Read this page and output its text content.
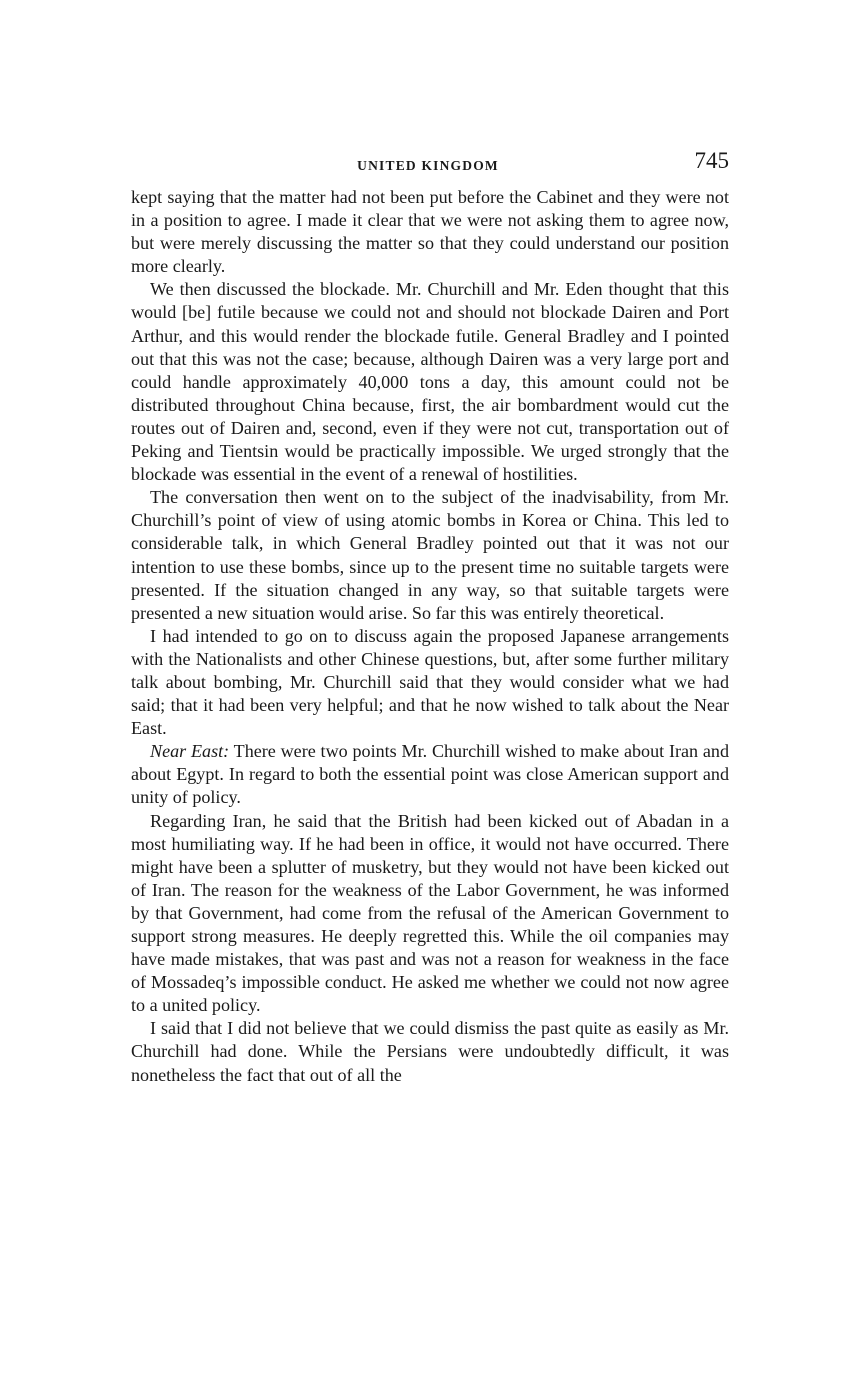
UNITED KINGDOM	745

kept saying that the matter had not been put before the Cabinet and they were not in a position to agree. I made it clear that we were not asking them to agree now, but were merely discussing the matter so that they could understand our position more clearly.

We then discussed the blockade. Mr. Churchill and Mr. Eden thought that this would [be] futile because we could not and should not blockade Dairen and Port Arthur, and this would render the blockade futile. General Bradley and I pointed out that this was not the case; because, although Dairen was a very large port and could handle approximately 40,000 tons a day, this amount could not be distributed throughout China because, first, the air bombardment would cut the routes out of Dairen and, second, even if they were not cut, transportation out of Peking and Tientsin would be practically impossible. We urged strongly that the blockade was essential in the event of a renewal of hostilities.

The conversation then went on to the subject of the inadvisability, from Mr. Churchill’s point of view of using atomic bombs in Korea or China. This led to considerable talk, in which General Bradley pointed out that it was not our intention to use these bombs, since up to the present time no suitable targets were presented. If the situation changed in any way, so that suitable targets were presented a new situation would arise. So far this was entirely theoretical.

I had intended to go on to discuss again the proposed Japanese arrangements with the Nationalists and other Chinese questions, but, after some further military talk about bombing, Mr. Churchill said that they would consider what we had said; that it had been very helpful; and that he now wished to talk about the Near East.

Near East: There were two points Mr. Churchill wished to make about Iran and about Egypt. In regard to both the essential point was close American support and unity of policy.

Regarding Iran, he said that the British had been kicked out of Abadan in a most humiliating way. If he had been in office, it would not have occurred. There might have been a splutter of musketry, but they would not have been kicked out of Iran. The reason for the weakness of the Labor Government, he was informed by that Government, had come from the refusal of the American Government to support strong measures. He deeply regretted this. While the oil companies may have made mistakes, that was past and was not a reason for weakness in the face of Mossadeq’s impossible conduct. He asked me whether we could not now agree to a united policy.

I said that I did not believe that we could dismiss the past quite as easily as Mr. Churchill had done. While the Persians were undoubtedly difficult, it was nonetheless the fact that out of all the
